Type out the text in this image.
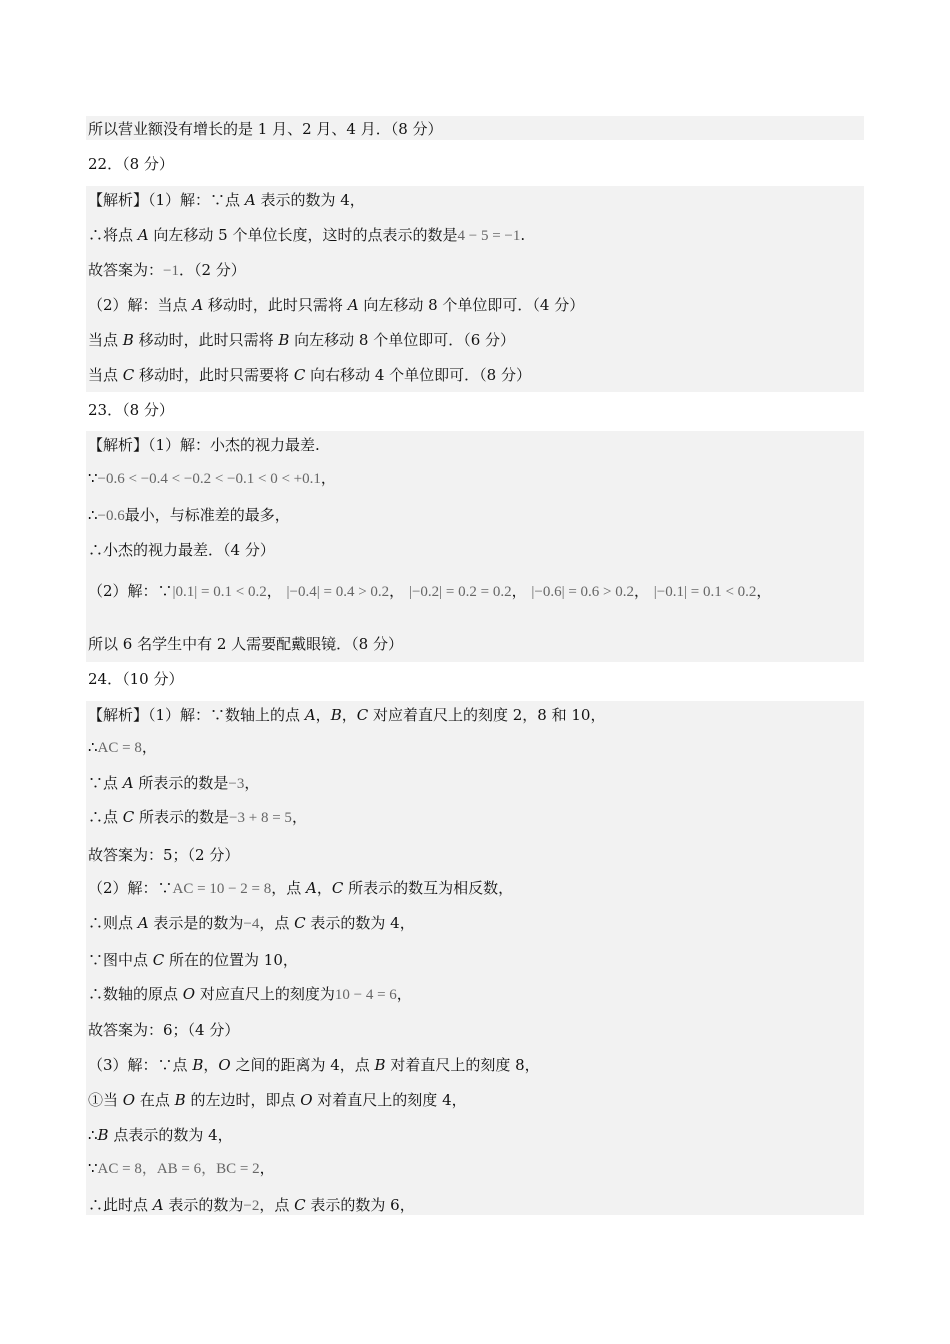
所以营业额没有增长的是 1 月、2 月、4 月．（8 分）
22．（8 分）
【解析】（1）解：∵点 A 表示的数为 4，
∴将点 A 向左移动 5 个单位长度，这时的点表示的数是4 − 5 = −1.
故答案为：−1．（2 分）
（2）解：当点 A 移动时，此时只需将 A 向左移动 8 个单位即可．（4 分）
当点 B 移动时，此时只需将 B 向左移动 8 个单位即可．（6 分）
当点 C 移动时，此时只需要将 C 向右移动 4 个单位即可．（8 分）
23．（8 分）
【解析】（1）解：小杰的视力最差.
∵−0.6 < −0.4 < −0.2 < −0.1 < 0 < +0.1，
∴−0.6最小，与标准差的最多，
∴小杰的视力最差．（4 分）
（2）解：∵|0.1| = 0.1 < 0.2， |−0.4| = 0.4 > 0.2， |−0.2| = 0.2 = 0.2， |−0.6| = 0.6 > 0.2， |−0.1| = 0.1 < 0.2，
所以 6 名学生中有 2 人需要配戴眼镜．（8 分）
24．（10 分）
【解析】（1）解：∵数轴上的点 A，B，C 对应着直尺上的刻度 2，8 和 10，
∴AC = 8，
∵点 A 所表示的数是−3，
∴点 C 所表示的数是−3 + 8 = 5，
故答案为：5；（2 分）
（2）解：∵AC = 10 − 2 = 8，点 A，C 所表示的数互为相反数，
∴则点 A 表示是的数为−4，点 C 表示的数为 4，
∵图中点 C 所在的位置为 10，
∴数轴的原点 O 对应直尺上的刻度为10 − 4 = 6，
故答案为：6；（4 分）
（3）解：∵点 B，O 之间的距离为 4，点 B 对着直尺上的刻度 8，
①当 O 在点 B 的左边时，即点 O 对着直尺上的刻度 4，
∴B 点表示的数为 4，
∵AC = 8，AB = 6，BC = 2，
∴此时点 A 表示的数为−2，点 C 表示的数为 6，
